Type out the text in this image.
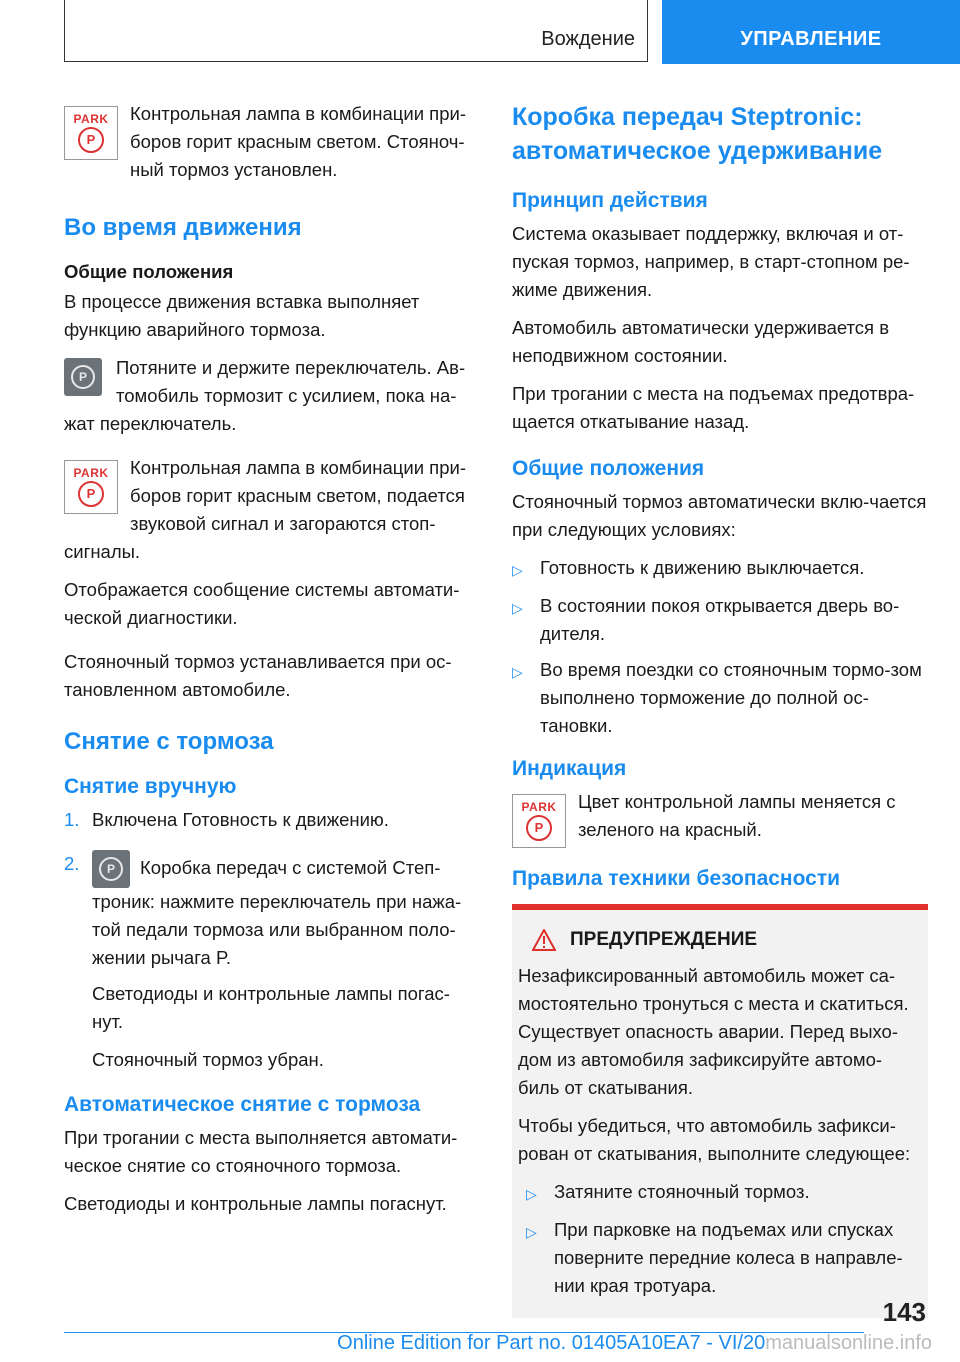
Вождение	УПРАВЛЕНИЕ
PARK
P

Контрольная лампа в комбинации при-боров горит красным светом. Стояноч-ный тормоз установлен.

Во время движения
Общие положения

В процессе движения вставка выполняет функцию аварийного тормоза.

P	Потяните и держите переключатель. Ав-томобиль тормозит с усилием, пока на-жат переключатель.

PARK
P

Контрольная лампа в комбинации при-боров горит красным светом, подается звуковой сигнал и загораются стоп-сигналы.

Отображается сообщение системы автомати-ческой диагностики.

Стояночный тормоз устанавливается при ос-тановленном автомобиле.

Снятие с тормоза
Снятие вручную
1. Включена Готовность к движению.
2.	P	Коробка передач с системой Степ-троник: нажмите переключатель при нажа-той педали тормоза или выбранном поло-жении рычага P.

Светодиоды и контрольные лампы погас-нут.

Стояночный тормоз убран.

Автоматическое снятие с тормоза

При трогании с места выполняется автомати-ческое снятие со стояночного тормоза.

Светодиоды и контрольные лампы погаснут.

Коробка передач Steptronic: автоматическое удерживание
Принцип действия

Система оказывает поддержку, включая и от-пуская тормоз, например, в старт-стопном ре-жиме движения.

Автомобиль автоматически удерживается в неподвижном состоянии.

При трогании с места на подъемах предотвра-щается откатывание назад.

Общие положения

Стояночный тормоз автоматически вклю-чается при следующих условиях:

▷ Готовность к движению выключается.
▷ В состоянии покоя открывается дверь во-дителя.
▷ Во время поездки со стояночным тормо-зом выполнено торможение до полной ос-тановки.
Индикация
PARK
P

Цвет контрольной лампы меняется с зеленого на красный.

Правила техники безопасности
ПРЕДУПРЕЖДЕНИЕ

Незафиксированный автомобиль может са-мостоятельно тронуться с места и скатиться. Существует опасность аварии. Перед выхо-дом из автомобиля зафиксируйте автомо-биль от скатывания.

Чтобы убедиться, что автомобиль зафикси-рован от скатывания, выполните следующее:

▷ Затяните стояночный тормоз.
▷ При парковке на подъемах или спусках поверните передние колеса в направле-нии края тротуара.
143
Online Edition for Part no. 01405A10EA7 - VI/20manualsonline.info
